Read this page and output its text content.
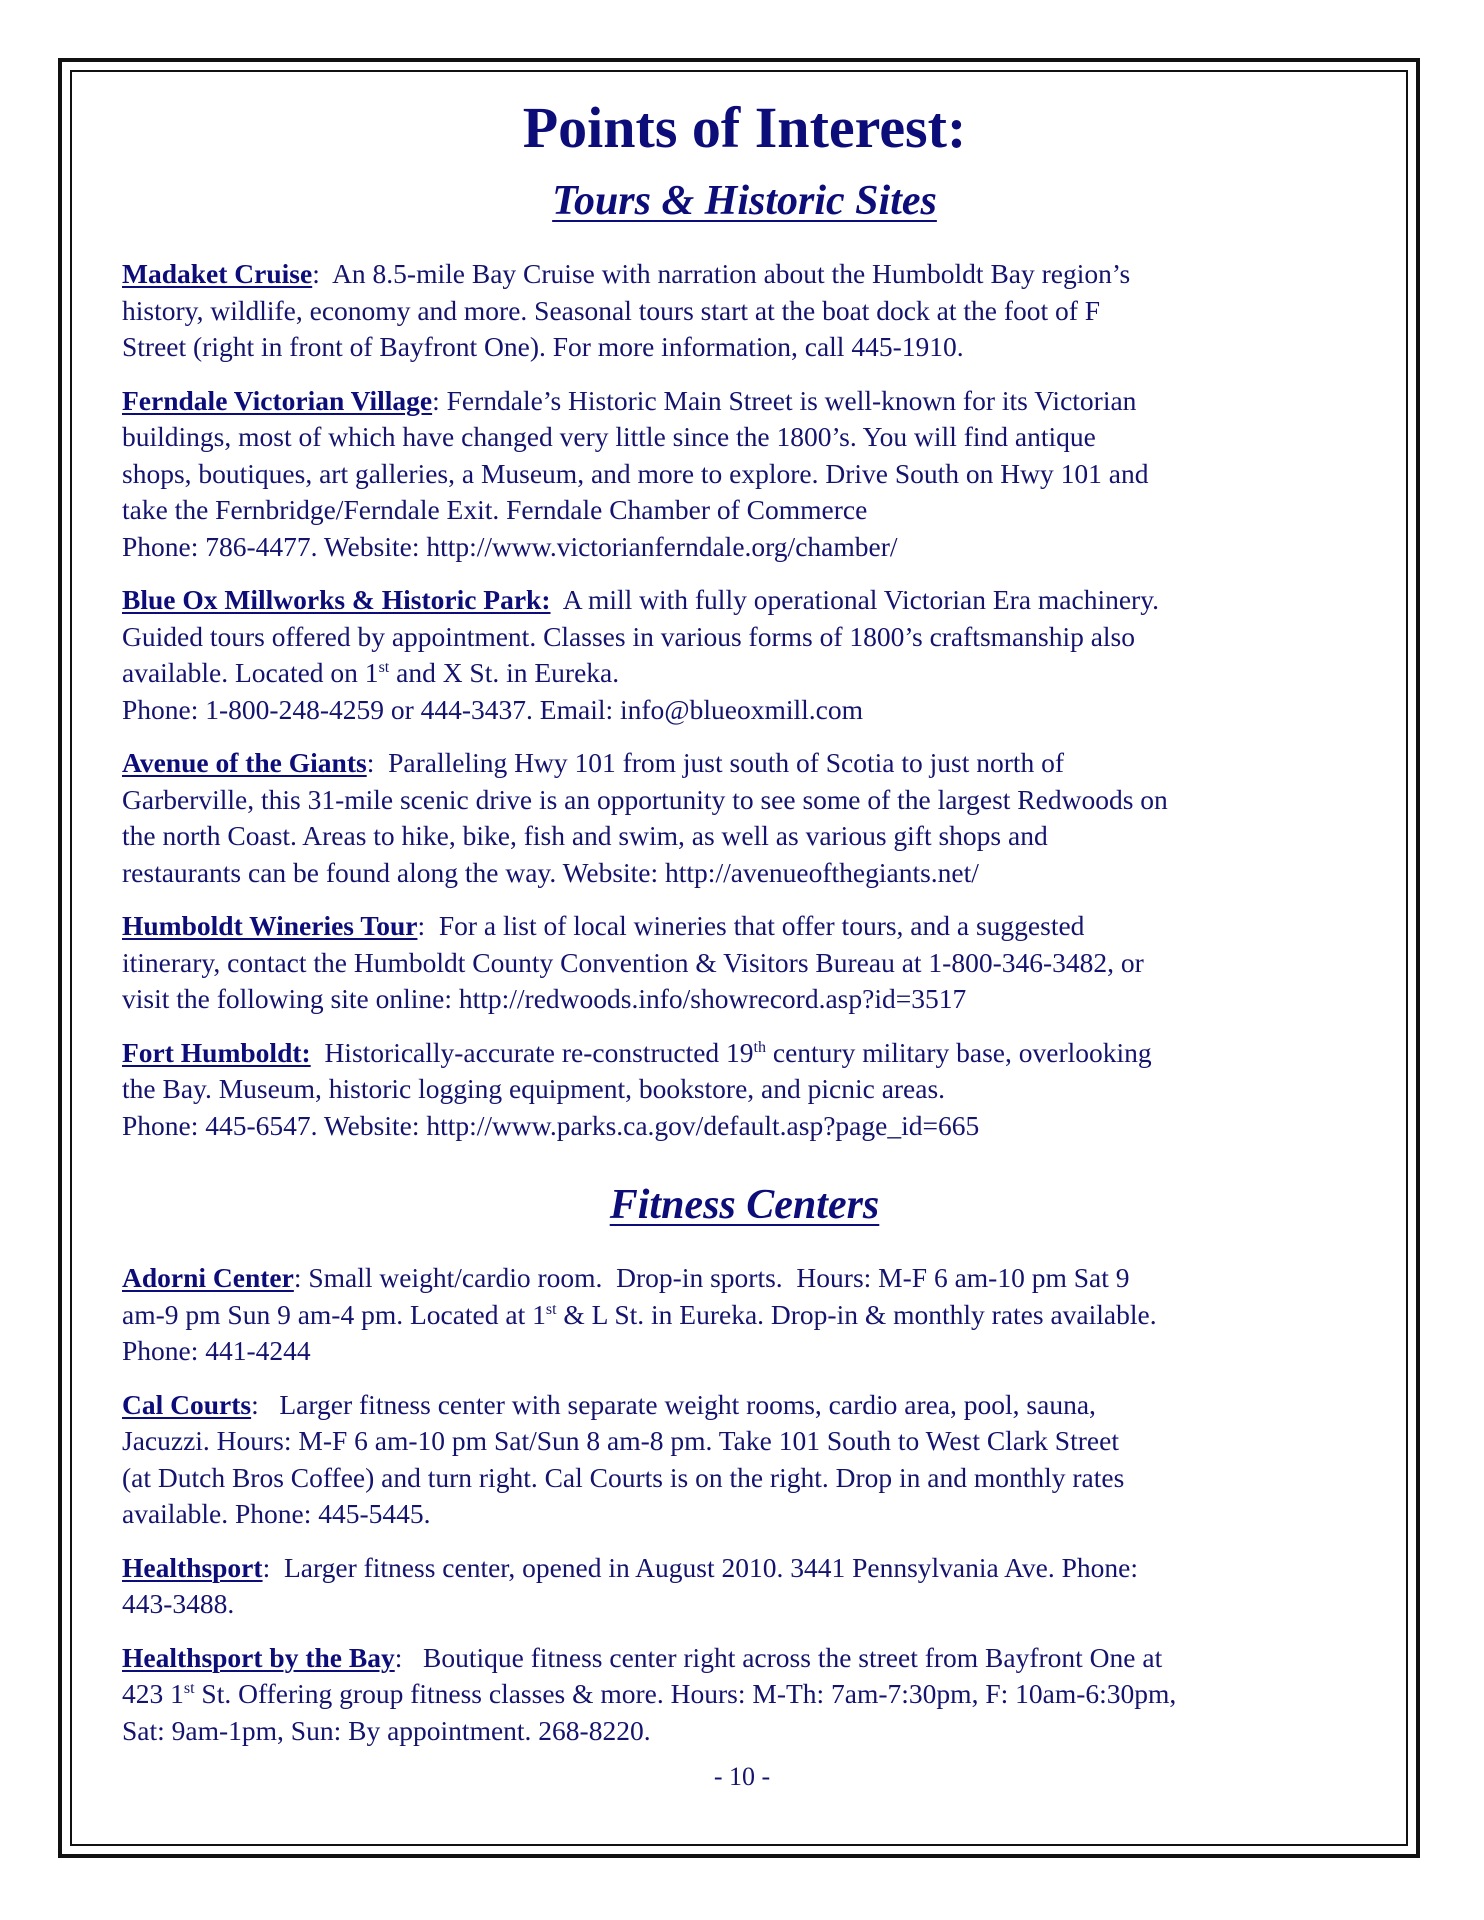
Points of Interest:
Tours & Historic Sites

Madaket Cruise:  An 8.5-mile Bay Cruise with narration about the Humboldt Bay region’s
history, wildlife, economy and more. Seasonal tours start at the boat dock at the foot of F
Street (right in front of Bayfront One). For more information, call 445-1910.

Ferndale Victorian Village: Ferndale’s Historic Main Street is well-known for its Victorian
buildings, most of which have changed very little since the 1800’s. You will find antique
shops, boutiques, art galleries, a Museum, and more to explore. Drive South on Hwy 101 and
take the Fernbridge/Ferndale Exit. Ferndale Chamber of Commerce
Phone: 786-4477. Website: http://www.victorianferndale.org/chamber/

Blue Ox Millworks & Historic Park:  A mill with fully operational Victorian Era machinery.
Guided tours offered by appointment. Classes in various forms of 1800’s craftsmanship also
available. Located on 1st and X St. in Eureka.
Phone: 1-800-248-4259 or 444-3437. Email: info@blueoxmill.com

Avenue of the Giants:  Paralleling Hwy 101 from just south of Scotia to just north of
Garberville, this 31-mile scenic drive is an opportunity to see some of the largest Redwoods on
the north Coast. Areas to hike, bike, fish and swim, as well as various gift shops and
restaurants can be found along the way. Website: http://avenueofthegiants.net/

Humboldt Wineries Tour:  For a list of local wineries that offer tours, and a suggested
itinerary, contact the Humboldt County Convention & Visitors Bureau at 1-800-346-3482, or
visit the following site online: http://redwoods.info/showrecord.asp?id=3517

Fort Humboldt:  Historically-accurate re-constructed 19th century military base, overlooking
the Bay. Museum, historic logging equipment, bookstore, and picnic areas.
Phone: 445-6547. Website: http://www.parks.ca.gov/default.asp?page_id=665

Fitness Centers

Adorni Center: Small weight/cardio room.  Drop-in sports.  Hours: M-F 6 am-10 pm Sat 9
am-9 pm Sun 9 am-4 pm. Located at 1st & L St. in Eureka. Drop-in & monthly rates available.
Phone: 441-4244

Cal Courts:   Larger fitness center with separate weight rooms, cardio area, pool, sauna,
Jacuzzi. Hours: M-F 6 am-10 pm Sat/Sun 8 am-8 pm. Take 101 South to West Clark Street
(at Dutch Bros Coffee) and turn right. Cal Courts is on the right. Drop in and monthly rates
available. Phone: 445-5445.

Healthsport:  Larger fitness center, opened in August 2010. 3441 Pennsylvania Ave. Phone:
443-3488.

Healthsport by the Bay:   Boutique fitness center right across the street from Bayfront One at
423 1st St. Offering group fitness classes & more. Hours: M-Th: 7am-7:30pm, F: 10am-6:30pm,
Sat: 9am-1pm, Sun: By appointment. 268-8220.

- 10 -
